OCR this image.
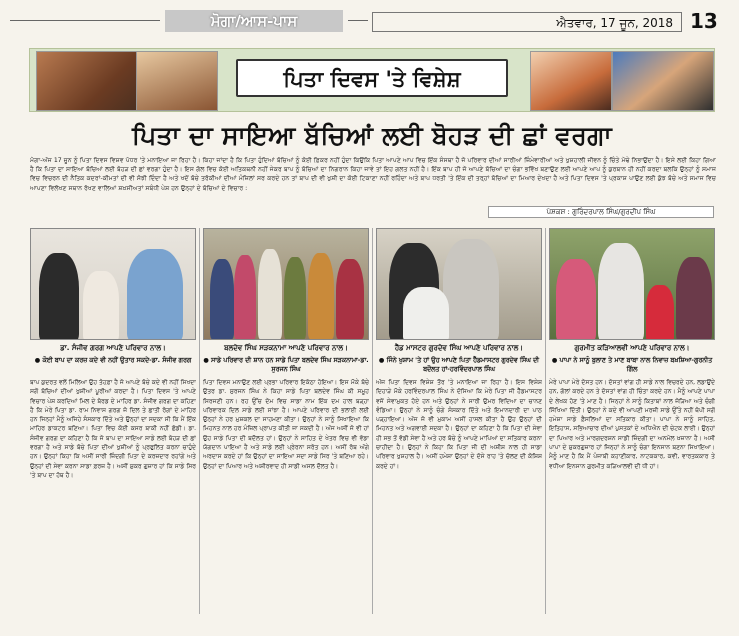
ਮੋਗਾ/ਆਸ-ਪਾਸ	ਐਤਵਾਰ, 17 ਜੂਨ, 2018 13
ਪਿਤਾ ਦਿਵਸ 'ਤੇ ਵਿਸ਼ੇਸ਼
ਪਿਤਾ ਦਾ ਸਾਇਆ ਬੱਚਿਆਂ ਲਈ ਬੋਹੜ ਦੀ ਛਾਂ ਵਰਗਾ
ਮੋਗਾ-ਅੱਜ 17 ਜੂਨ ਨੂੰ ਪਿਤਾ ਦਿਵਸ ਵਿਸ਼ਵ ਪੱਧਰ 'ਤੇ ਮਨਾਇਆ ਜਾ ਰਿਹਾ ਹੈ। ਕਿਹਾ ਜਾਂਦਾ ਹੈ ਕਿ ਪਿਤਾ ਹੁੰਦਿਆਂ ਬੱਚਿਆਂ ਨੂੰ ਕੋਈ ਫ਼ਿਕਰ ਨਹੀਂ ਹੁੰਦਾ ਕਿਉਂਕਿ ਪਿਤਾ ਆਪਣੇ ਆਪ ਵਿਚ ਇੱਕ ਸੰਸਥਾ ਹੈ ਜੋ ਪਰਿਵਾਰ ਦੀਆਂ ਸਾਰੀਆਂ ਜ਼ਿੰਮੇਵਾਰੀਆਂ ਅਤੇ ਖੁਸ਼ਹਾਲੀ ਜੀਵਨ ਨੂੰ ਚਿੰਤੇ ਮੋਢੇ ਨਿਭਾਉਂਦਾ ਹੈ। ਇਸੇ ਲਈ ਕਿਹਾ ਗਿਆ ਹੈ ਕਿ ਪਿਤਾ ਦਾ ਸਾਇਆ ਬੱਚਿਆਂ ਲਈ ਬੋਹੜ ਦੀ ਛਾਂ ਵਰਗਾ ਹੁੰਦਾ ਹੈ। ਇਸ ਗੱਲ ਵਿਚ ਕੋਈ ਅਤਿਕਥਨੀ ਨਹੀਂ ਜੇਕਰ ਬਾਪ ਨੂੰ ਬੱਚਿਆਂ ਦਾ ਨਿਗਰਾਨ ਕਿਹਾ ਜਾਵੇ ਤਾਂ ਇਹ ਗਲਤ ਨਹੀਂ ਹੈ। ਇੱਕ ਬਾਪ ਹੀ ਜੋ ਆਪਣੇ ਬੱਚਿਆਂ ਦਾ ਚੰਗਾ ਭਵਿੱਖ ਬਣਾਉਣ ਲਈ ਆਪਣੇ ਆਪ ਨੂੰ ਕੁਰਬਾਨ ਹੀ ਨਹੀਂ ਕਰਦਾ ਬਲਕਿ ਉਨ੍ਹਾਂ ਨੂੰ ਸਮਾਜ ਵਿਚ ਵਿਚਰਨ ਦੀ ਨੈਤਿਕ ਕਦਰਾਂ-ਕੀਮਤਾਂ ਦੀ ਵੀ ਸੋਝੀ ਦਿੰਦਾ ਹੈ ਅਤੇ ਖਦੋਂ ਬੱਚੇ ਤਰੱਕੀਆਂ ਦੀਆਂ ਮੰਜ਼ਿਲਾਂ ਸਰ ਕਰਦੇ ਹਨ ਤਾਂ ਬਾਪ ਦੀ ਵੀ ਖੁਸ਼ੀ ਦਾ ਕੋਈ ਟਿਕਾਣਾ ਨਹੀਂ ਰਹਿੰਦਾ ਅਤੇ ਬਾਪ ਧਰਤੀ 'ਤੇ ਇੱਕ ਦੀ ਤਰ੍ਹਾਂ ਬੱਚਿਆਂ ਦਾ ਮਿਆਰ ਦੇਖਦਾ ਹੈ ਅਤੇ ਪਿਤਾ ਦਿਵਸ 'ਤੇ ਪ੍ਰਕਾਸ਼ ਪਾਉਣ ਲਈ ਕੁੱਝ ਬੱਚੇ ਅਤੇ ਸਮਾਜ ਵਿਚ ਆਪਣਾ ਵਿਲੱਖਣ ਸਥਾਨ ਰੱਖਣ ਵਾਲਿਆਂ ਸ਼ਖ਼ਸੀਅਤਾਂ ਸਬੰਧੀ ਪੇਸ਼ ਹਨ ਉਨ੍ਹਾਂ ਦੇ ਬੱਚਿਆਂ ਦੇ ਵਿਚਾਰ :
ਪੇਸ਼ਕਸ਼ : ਗੁਰਿੰਦਰਪਾਲ ਸਿੰਘ/ਗੁਰਦੀਪ ਸਿੰਘ
ਡਾ. ਸੰਜੀਵ ਗਰਗ ਆਪਣੇ ਪਰਿਵਾਰ ਨਾਲ।
● ਕੋਈ ਬਾਪ ਦਾ ਕਰਜ਼ ਕਦੇ ਵੀ ਨਹੀਂ ਉਤਾਰ ਸਕਦੇ-ਡਾ. ਸੰਜੀਵ ਗਰਗ
ਬਾਪ ਕੁਦਰਤ ਵਲੋਂ ਮਿਲਿਆ ਉਹ ਤੋਹਫ਼ਾ ਹੈ ਜੋ ਆਪਣੇ ਬੱਚੇ ਕਦੇ ਵੀ ਨਹੀਂ ਸਿਖਦਾ ਸਗੋਂ ਬੱਚਿਆਂ ਦੀਆਂ ਖੁਸ਼ੀਆਂ ਪੂਰੀਆਂ ਕਰਦਾ ਹੈ। ਪਿਤਾ ਦਿਵਸ 'ਤੇ ਆਪਣੇ ਵਿਚਾਰ ਪੇਸ਼ ਕਰਦਿਆਂ ਮਿਲ ਦੇ ਬੋਰਡ ਦੇ ਮਾਹਿਰ ਡਾ. ਸੰਜੀਵ ਗਰਗ ਦਾ ਕਹਿਣਾ ਹੈ ਕਿ ਮੇਰੇ ਪਿਤਾ ਡਾ. ਰਾਮ ਨਿਵਾਸ ਗਰਗ ਜੋ ਦਿਲ ਤੇ ਛਾਤੀ ਰੋਗਾਂ ਦੇ ਮਾਹਿਰ ਹਨ ਜਿਨ੍ਹਾਂ ਮੈਨੂੰ ਅਜਿਹੇ ਸੰਸਕਾਰ ਦਿੱਤੇ ਅਤੇ ਉਨ੍ਹਾਂ ਦਾ ਸਦਕਾ ਸੀ ਕਿ ਮੈਂ ਇੱਕ ਮਾਹਿਰ ਡਾਕਟਰ ਬਣਿਆ। ਪਿਤਾ ਵਿਚ ਕੋਈ ਕਸਰ ਬਾਕੀ ਨਹੀਂ ਛੱਡੀ। ਡਾ. ਸੰਜੀਵ ਗਰਗ ਦਾ ਕਹਿਣਾ ਹੈ ਕਿ ਜੋ ਬਾਪ ਦਾ ਸਾਇਆ ਸਾਡੇ ਲਈ ਬੋਹੜ ਦੀ ਛਾਂ ਵਰਗਾ ਹੈ ਅਤੇ ਸਾਡੇ ਬੱਚੇ ਪਿਤਾ ਦੀਆਂ ਖੁਸ਼ੀਆਂ ਨੂੰ ਪ੍ਰਫੁਲਿਤ ਕਰਨਾ ਚਾਹੁੰਦੇ ਹਨ। ਉਨ੍ਹਾਂ ਕਿਹਾ ਕਿ ਅਸੀਂ ਸਾਰੀ ਜ਼ਿੰਦਗੀ ਪਿਤਾ ਦੇ ਕਰਜ਼ਦਾਰ ਰਹਾਂਗੇ ਅਤੇ ਉਨ੍ਹਾਂ ਦੀ ਸੇਵਾ ਕਰਨਾ ਸਾਡਾ ਫ਼ਰਜ਼ ਹੈ। ਅਸੀਂ ਸ਼ੁਕਰ ਗੁਜ਼ਾਰ ਹਾਂ ਕਿ ਸਾਡੇ ਸਿਰ 'ਤੇ ਬਾਪ ਦਾ ਹੱਥ ਹੈ।
ਬਲਦੇਵ ਸਿੰਘ ਸੜਕਨਾਮਾ ਆਪਣੇ ਪਰਿਵਾਰ ਨਾਲ।
● ਸਾਡੇ ਪਰਿਵਾਰ ਦੀ ਸ਼ਾਨ ਹਨ ਸਾਡੇ ਪਿਤਾ ਬਲਦੇਵ ਸਿੰਘ ਸੜਕਨਾਮਾ-ਡਾ. ਸੁਰਜਨ ਸਿੰਘ
ਪਿਤਾ ਦਿਵਸ ਮਨਾਉਣ ਲਈ ਪ੍ਰਭਾ ਪਰਿਵਾਰ ਇਕੱਠਾ ਹੋਇਆ। ਇਸ ਮੌਕੇ ਬੱਚੇ ਉਤਰ ਡਾ. ਸੁਰਜਨ ਸਿੰਘ ਨੇ ਕਿਹਾ ਸਾਡੇ ਪਿਤਾ ਬਲਦੇਵ ਸਿੰਘ ਕੀ ਸਮੂਹ ਸਿਰਜਣੀ ਹਨ। ਰਹ ਉੱਚ ਦੋਮ ਵਿਚ ਸਾਡਾ ਨਾਮ ਇੱਕ ਦਮ ਹਾਲ ਬੜ੍ਹਾ ਪਰਿਵਾਰਕ ਦਿਲ ਸਾਡੇ ਲਈ ਸਾਂਝਾ ਹੈ। ਆਪਣੇ ਪਰਿਵਾਰ ਦੀ ਭਲਾਈ ਲਈ ਉਨ੍ਹਾਂ ਨੇ ਹਰ ਮੁਸ਼ਕਲ ਦਾ ਸਾਹਮਣਾ ਕੀਤਾ। ਉਨ੍ਹਾਂ ਨੇ ਸਾਨੂੰ ਸਿਖਾਇਆ ਕਿ ਮਿਹਨਤ ਨਾਲ ਹਰ ਮੰਜ਼ਿਲ ਪ੍ਰਾਪਤ ਕੀਤੀ ਜਾ ਸਕਦੀ ਹੈ। ਅੱਜ ਅਸੀਂ ਜੋ ਵੀ ਹਾਂ ਉਹ ਸਾਡੇ ਪਿਤਾ ਦੀ ਬਦੌਲਤ ਹਾਂ। ਉਨ੍ਹਾਂ ਨੇ ਸਾਹਿਤ ਦੇ ਖੇਤਰ ਵਿਚ ਵੀ ਵੱਡਾ ਯੋਗਦਾਨ ਪਾਇਆ ਹੈ ਅਤੇ ਸਾਡੇ ਲਈ ਪ੍ਰੇਰਨਾ ਸਰੋਤ ਹਨ। ਅਸੀਂ ਰੱਬ ਅੱਗੇ ਅਰਦਾਸ ਕਰਦੇ ਹਾਂ ਕਿ ਉਨ੍ਹਾਂ ਦਾ ਸਾਇਆ ਸਦਾ ਸਾਡੇ ਸਿਰ 'ਤੇ ਬਣਿਆ ਰਹੇ। ਉਨ੍ਹਾਂ ਦਾ ਪਿਆਰ ਅਤੇ ਅਸ਼ੀਰਵਾਦ ਹੀ ਸਾਡੀ ਅਸਲ ਦੌਲਤ ਹੈ।
ਹੈੱਡ ਮਾਸਟਰ ਗੁਰਦੇਵ ਸਿੰਘ ਆਪਣੇ ਪਰਿਵਾਰ ਨਾਲ।
● ਜਿੰਨੇ ਖੁਸ਼ਾਮ 'ਤੇ ਹਾਂ ਉਹ ਆਪਣੇ ਪਿਤਾ ਹੈੱਡਮਾਸਟਰ ਗੁਰਦੇਵ ਸਿੰਘ ਦੀ ਬਦੌਲਤ ਹਾਂ-ਹਰਵਿੰਦਰਪਾਲ ਸਿੰਘ
ਅੱਜ ਪਿਤਾ ਦਿਵਸ ਵਿਸ਼ੇਸ਼ ਤੌਰ 'ਤੇ ਮਨਾਇਆ ਜਾ ਰਿਹਾ ਹੈ। ਇਸ ਵਿਸ਼ੇਸ਼ ਦਿਹਾੜੇ ਮੌਕੇ ਹਰਵਿੰਦਰਪਾਲ ਸਿੰਘ ਨੇ ਦੱਸਿਆ ਕਿ ਮੇਰੇ ਪਿਤਾ ਜੀ ਹੈੱਡਮਾਸਟਰ ਵਜੋਂ ਸੇਵਾਮੁਕਤ ਹੋਏ ਹਨ ਅਤੇ ਉਨ੍ਹਾਂ ਨੇ ਸਾਰੀ ਉਮਰ ਵਿਦਿਆ ਦਾ ਚਾਨਣ ਵੰਡਿਆ। ਉਨ੍ਹਾਂ ਨੇ ਸਾਨੂੰ ਚੰਗੇ ਸੰਸਕਾਰ ਦਿੱਤੇ ਅਤੇ ਇਮਾਨਦਾਰੀ ਦਾ ਪਾਠ ਪੜ੍ਹਾਇਆ। ਅੱਜ ਜੋ ਵੀ ਮੁਕਾਮ ਅਸੀਂ ਹਾਸਲ ਕੀਤਾ ਹੈ ਉਹ ਉਨ੍ਹਾਂ ਦੀ ਮਿਹਨਤ ਅਤੇ ਅਗਵਾਈ ਸਦਕਾ ਹੈ। ਉਨ੍ਹਾਂ ਦਾ ਕਹਿਣਾ ਹੈ ਕਿ ਪਿਤਾ ਦੀ ਸੇਵਾ ਹੀ ਸਭ ਤੋਂ ਵੱਡੀ ਸੇਵਾ ਹੈ ਅਤੇ ਹਰ ਬੱਚੇ ਨੂੰ ਆਪਣੇ ਮਾਪਿਆਂ ਦਾ ਸਤਿਕਾਰ ਕਰਨਾ ਚਾਹੀਦਾ ਹੈ। ਉਨ੍ਹਾਂ ਨੇ ਕਿਹਾ ਕਿ ਪਿਤਾ ਜੀ ਦੀ ਅਸ਼ੀਸ਼ ਨਾਲ ਹੀ ਸਾਡਾ ਪਰਿਵਾਰ ਖੁਸ਼ਹਾਲ ਹੈ। ਅਸੀਂ ਹਮੇਸ਼ਾ ਉਨ੍ਹਾਂ ਦੇ ਦੱਸੇ ਰਾਹ 'ਤੇ ਚੱਲਣ ਦੀ ਕੋਸ਼ਿਸ਼ ਕਰਦੇ ਹਾਂ।
ਗੁਰਮੀਤ ਕੜਿਆਲਵੀ ਆਪਣੇ ਪਰਿਵਾਰ ਨਾਲ।
● ਪਾਪਾ ਨੇ ਸਾਨੂੰ ਬੁਲਾਣ ਤੇ ਮਾਣ ਬਾਬਾ ਨਾਲ ਨਿਵਾਜ਼ ਬਖ਼ਸ਼ਿਆ-ਗੁਰਨੀਤ ਗਿੱਲ
ਮੇਰੇ ਪਾਪਾ ਮੇਰੇ ਦੋਸਤ ਹਨ। ਦੋਸਤਾਂ ਵਾਂਗ ਹੀ ਸਾਡੇ ਨਾਲ ਵਿਚਰਦੇ ਹਨ, ਲਡਾਉਂਦੇ ਹਨ, ਗੱਲਾਂ ਕਰਦੇ ਹਨ ਤੇ ਦੋਸਤਾਂ ਵਾਂਗ ਹੀ ਚਿੰਤਾ ਕਰਦੇ ਹਨ। ਮੈਨੂੰ ਆਪਣੇ ਪਾਪਾ ਦੇ ਲੇਖਕ ਹੋਣ 'ਤੇ ਮਾਣ ਹੈ। ਜਿਨ੍ਹਾਂ ਨੇ ਸਾਨੂੰ ਕਿਤਾਬਾਂ ਨਾਲ ਜੋੜਿਆ ਅਤੇ ਚੰਗੀ ਸਿੱਖਿਆ ਦਿੱਤੀ। ਉਨ੍ਹਾਂ ਨੇ ਕਦੇ ਵੀ ਆਪਣੀ ਮਰਜ਼ੀ ਸਾਡੇ ਉੱਤੇ ਨਹੀਂ ਥੋਪੀ ਸਗੋਂ ਹਮੇਸ਼ਾ ਸਾਡੇ ਫ਼ੈਸਲਿਆਂ ਦਾ ਸਤਿਕਾਰ ਕੀਤਾ। ਪਾਪਾ ਨੇ ਸਾਨੂੰ ਸਾਹਿਤ, ਇਤਿਹਾਸ, ਸਭਿਆਚਾਰ ਦੀਆਂ ਪੁਸਤਕਾਂ ਦੇ ਅਧਿਐਨ ਦੀ ਚੇਟਕ ਲਾਈ। ਉਨ੍ਹਾਂ ਦਾ ਪਿਆਰ ਅਤੇ ਮਾਰਗਦਰਸ਼ਨ ਸਾਡੀ ਜ਼ਿੰਦਗੀ ਦਾ ਅਨਮੋਲ ਖ਼ਜ਼ਾਨਾ ਹੈ। ਅਸੀਂ ਪਾਪਾ ਦੇ ਸ਼ੁਕਰਗੁਜ਼ਾਰ ਹਾਂ ਜਿਨ੍ਹਾਂ ਨੇ ਸਾਨੂੰ ਚੰਗਾ ਇਨਸਾਨ ਬਣਨਾ ਸਿਖਾਇਆ। ਮੈਨੂੰ ਮਾਣ ਹੈ ਕਿ ਮੈਂ ਪੰਜਾਬੀ ਕਹਾਣੀਕਾਰ, ਨਾਟਕਕਾਰ, ਕਵੀ, ਵਾਰਤਕਕਾਰ ਤੇ ਵਧੀਆ ਇਨਸਾਨ ਗੁਰਮੀਤ ਕੜਿਆਲਵੀ ਦੀ ਧੀ ਹਾਂ।
